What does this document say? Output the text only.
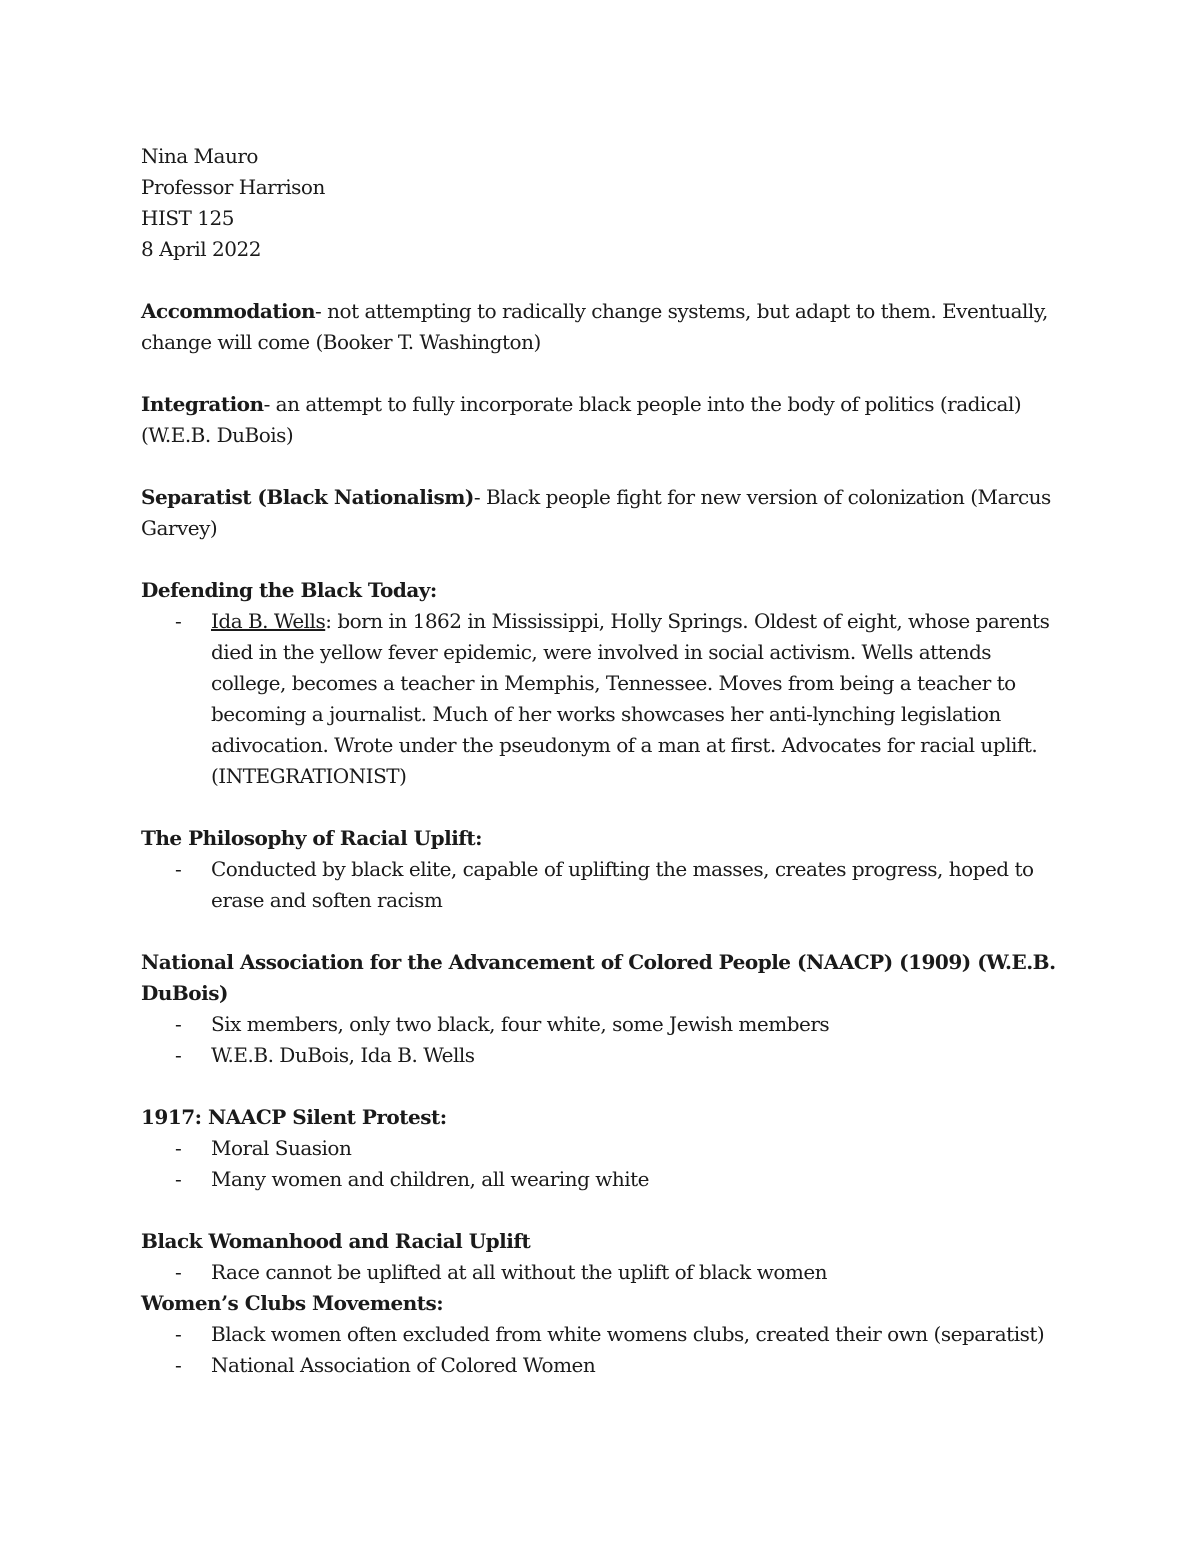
Nina Mauro
Professor Harrison
HIST 125
8 April 2022

Accommodation- not attempting to radically change systems, but adapt to them. Eventually, change will come (Booker T. Washington)

Integration- an attempt to fully incorporate black people into the body of politics (radical) (W.E.B. DuBois)

Separatist (Black Nationalism)- Black people fight for new version of colonization (Marcus Garvey)

Defending the Black Today:
- Ida B. Wells: born in 1862 in Mississippi, Holly Springs. Oldest of eight, whose parents died in the yellow fever epidemic, were involved in social activism. Wells attends college, becomes a teacher in Memphis, Tennessee. Moves from being a teacher to becoming a journalist. Much of her works showcases her anti-lynching legislation adivocation. Wrote under the pseudonym of a man at first. Advocates for racial uplift. (INTEGRATIONIST)
The Philosophy of Racial Uplift:
- Conducted by black elite, capable of uplifting the masses, creates progress, hoped to erase and soften racism
National Association for the Advancement of Colored People (NAACP) (1909) (W.E.B. DuBois)
- Six members, only two black, four white, some Jewish members
- W.E.B. DuBois, Ida B. Wells
1917: NAACP Silent Protest:
- Moral Suasion
- Many women and children, all wearing white
Black Womanhood and Racial Uplift
- Race cannot be uplifted at all without the uplift of black women
Women’s Clubs Movements:
- Black women often excluded from white womens clubs, created their own (separatist)
- National Association of Colored Women
